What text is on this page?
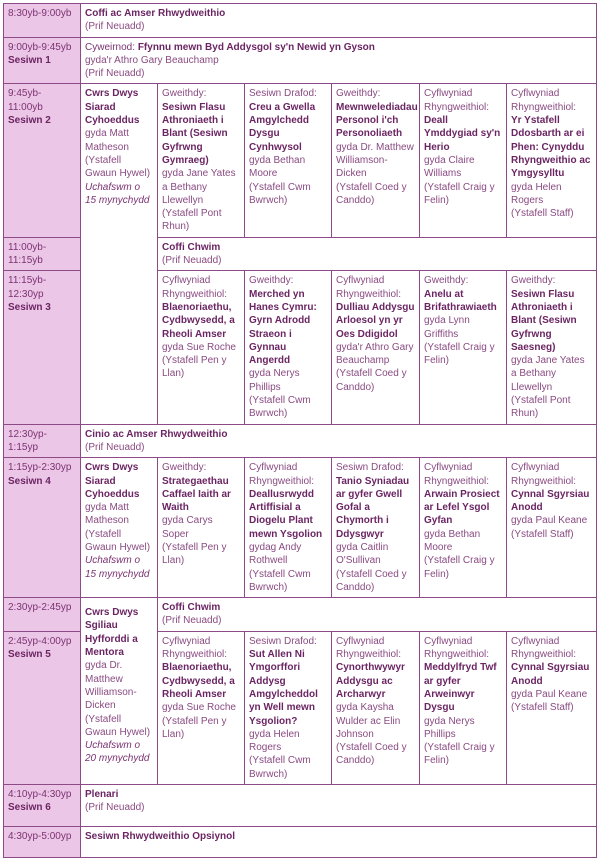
8:30yb-9:00yb	Coffi ac Amser Rhwydweithio
(Prif Neuadd)					

9:00yb-9:45yb
Sesiwn 1	Cyweirnod: Ffynnu mewn Byd Addysgol sy'n Newid yn Gyson
gyda'r Athro Gary Beauchamp
(Prif Neuadd)					

9:45yb-11:00yb
Sesiwn 2	Cwrs Dwys Siarad Cyhoeddus
gyda Matt Matheson
(Ystafell Gwaun Hywel)
Uchafswm o 15 mynychydd	Gweithdy:
Sesiwn Flasu Athroniaeth i Blant (Sesiwn Gyfrwng Gymraeg)
gyda Jane Yates a Bethany Llewellyn
(Ystafell Pont Rhun)	Sesiwn Drafod:
Creu a Gwella Amgylchedd Dysgu Cynhwysol
gyda Bethan Moore
(Ystafell Cwm Bwrwch)	Gweithdy:
Mewnwelediadau Personol i'ch Personoliaeth
gyda Dr. Matthew Williamson-Dicken
(Ystafell Coed y Canddo)	Cyflwyniad Rhyngweithiol:
Deall Ymddygiad sy'n Herio
gyda Claire Williams
(Ystafell Craig y Felin)	Cyflwyniad Rhyngweithiol:
Yr Ystafell Ddosbarth ar ei Phen: Cynyddu Rhyngweithio ac Ymgysylltu
gyda Helen Rogers
(Ystafell Staff)

11:00yb-11:15yb		Coffi Chwim
(Prif Neuadd)				

11:15yb-12:30yp
Sesiwn 3		Cyflwyniad Rhyngweithiol:
Blaenoriaethu, Cydbwysedd, a Rheoli Amser
gyda Sue Roche
(Ystafell Pen y Llan)	Gweithdy:
Merched yn Hanes Cymru: Gyrn Adrodd Straeon i Gynnau Angerdd
gyda Nerys Phillips
(Ystafell Cwm Bwrwch)	Cyflwyniad Rhyngweithiol:
Dulliau Addysgu Arloesol yn yr Oes Ddigidol
gyda'r Athro Gary Beauchamp
(Ystafell Coed y Canddo)	Gweithdy:
Anelu at Brifathrawiaeth
gyda Lynn Griffiths
(Ystafell Craig y Felin)	Gweithdy:
Sesiwn Flasu Athroniaeth i Blant (Sesiwn Gyfrwng Saesneg)
gyda Jane Yates a Bethany Llewellyn
(Ystafell Pont Rhun)

12:30yp-1:15yp	Cinio ac Amser Rhwydweithio
(Prif Neuadd)					

1:15yp-2:30yp
Sesiwn 4	Cwrs Dwys Siarad Cyhoeddus
gyda Matt Matheson
(Ystafell Gwaun Hywel)
Uchafswm o 15 mynychydd	Gweithdy:
Strategaethau Caffael Iaith ar Waith
gyda Carys Soper
(Ystafell Pen y Llan)	Cyflwyniad Rhyngweithiol:
Deallusrwydd Artiffisial a Diogelu Plant mewn Ysgolion
gydag Andy Rothwell
(Ystafell Cwm Bwrwch)	Sesiwn Drafod:
Tanio Syniadau ar gyfer Gwell Gofal a Chymorth i Ddysgwyr
gyda Caitlin O'Sullivan
(Ystafell Coed y Canddo)	Cyflwyniad Rhyngweithiol:
Arwain Prosiect ar Lefel Ysgol Gyfan
gyda Bethan Moore
(Ystafell Craig y Felin)	Cyflwyniad Rhyngweithiol:
Cynnal Sgyrsiau Anodd
gyda Paul Keane
(Ystafell Staff)

2:30yp-2:45yp	Cwrs Dwys Sgiliau Hyfforddi a Mentora
gyda Dr. Matthew Williamson-Dicken
(Ystafell Gwaun Hywel)
Uchafswm o 20 mynychydd	Coffi Chwim
(Prif Neuadd)				

2:45yp-4:00yp
Sesiwn 5		Cyflwyniad Rhyngweithiol:
Blaenoriaethu, Cydbwysedd, a Rheoli Amser
gyda Sue Roche
(Ystafell Pen y Llan)	Sesiwn Drafod:
Sut Allen Ni Ymgorffori Addysg Amgylcheddol yn Well mewn Ysgolion?
gyda Helen Rogers
(Ystafell Cwm Bwrwch)	Cyflwyniad Rhyngweithiol:
Cynorthwywyr Addysgu ac Archarwyr
gyda Kaysha Wulder ac Elin Johnson
(Ystafell Coed y Canddo)	Cyflwyniad Rhyngweithiol:
Meddylfryd Twf ar gyfer Arweinwyr Dysgu
gyda Nerys Phillips
(Ystafell Craig y Felin)	Cyflwyniad Rhyngweithiol:
Cynnal Sgyrsiau Anodd
gyda Paul Keane
(Ystafell Staff)

4:10yp-4:30yp
Sesiwn 6	Plenari
(Prif Neuadd)					

4:30yp-5:00yp	Sesiwn Rhwydweithio Opsiynol					
